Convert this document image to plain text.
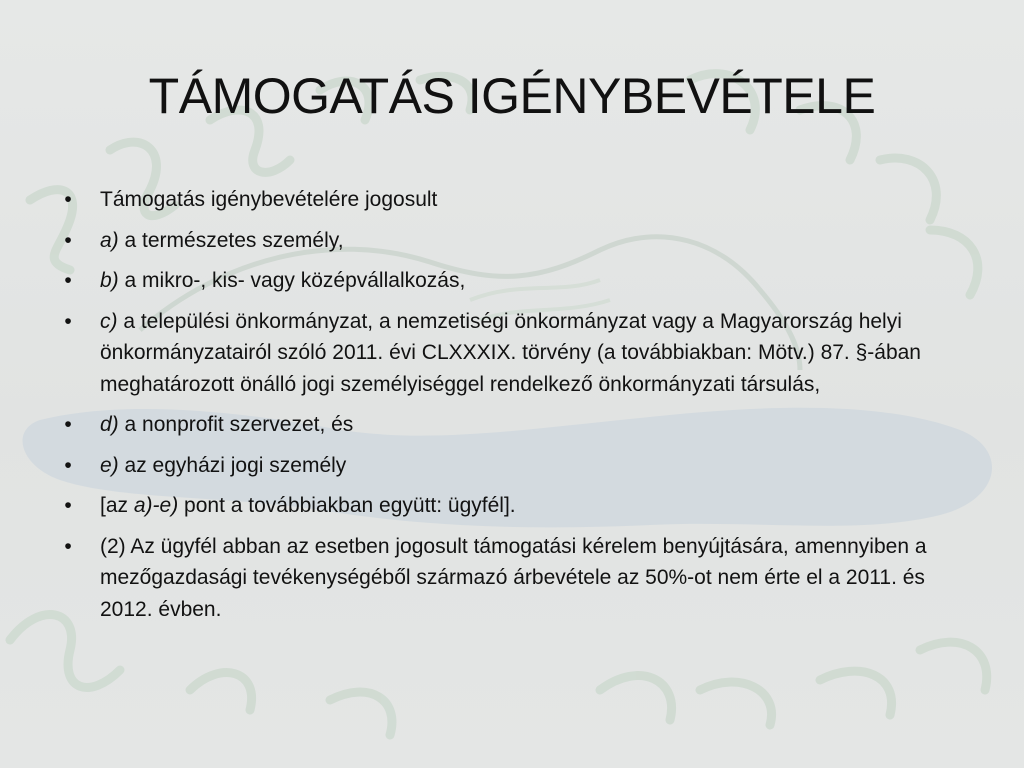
TÁMOGATÁS IGÉNYBEVÉTELE
• Támogatás igénybevételére jogosult
• a) a természetes személy,
• b) a mikro-, kis- vagy középvállalkozás,
• c) a települési önkormányzat, a nemzetiségi önkormányzat vagy a Magyarország helyi önkormányzatairól szóló 2011. évi CLXXXIX. törvény (a továbbiakban: Mötv.) 87. §-ában meghatározott önálló jogi személyiséggel rendelkező önkormányzati társulás,
• d) a nonprofit szervezet, és
• e) az egyházi jogi személy
• [az a)-e) pont a továbbiakban együtt: ügyfél].
• (2) Az ügyfél abban az esetben jogosult támogatási kérelem benyújtására, amennyiben a mezőgazdasági tevékenységéből származó árbevétele az 50%-ot nem érte el a 2011. és 2012. évben.
